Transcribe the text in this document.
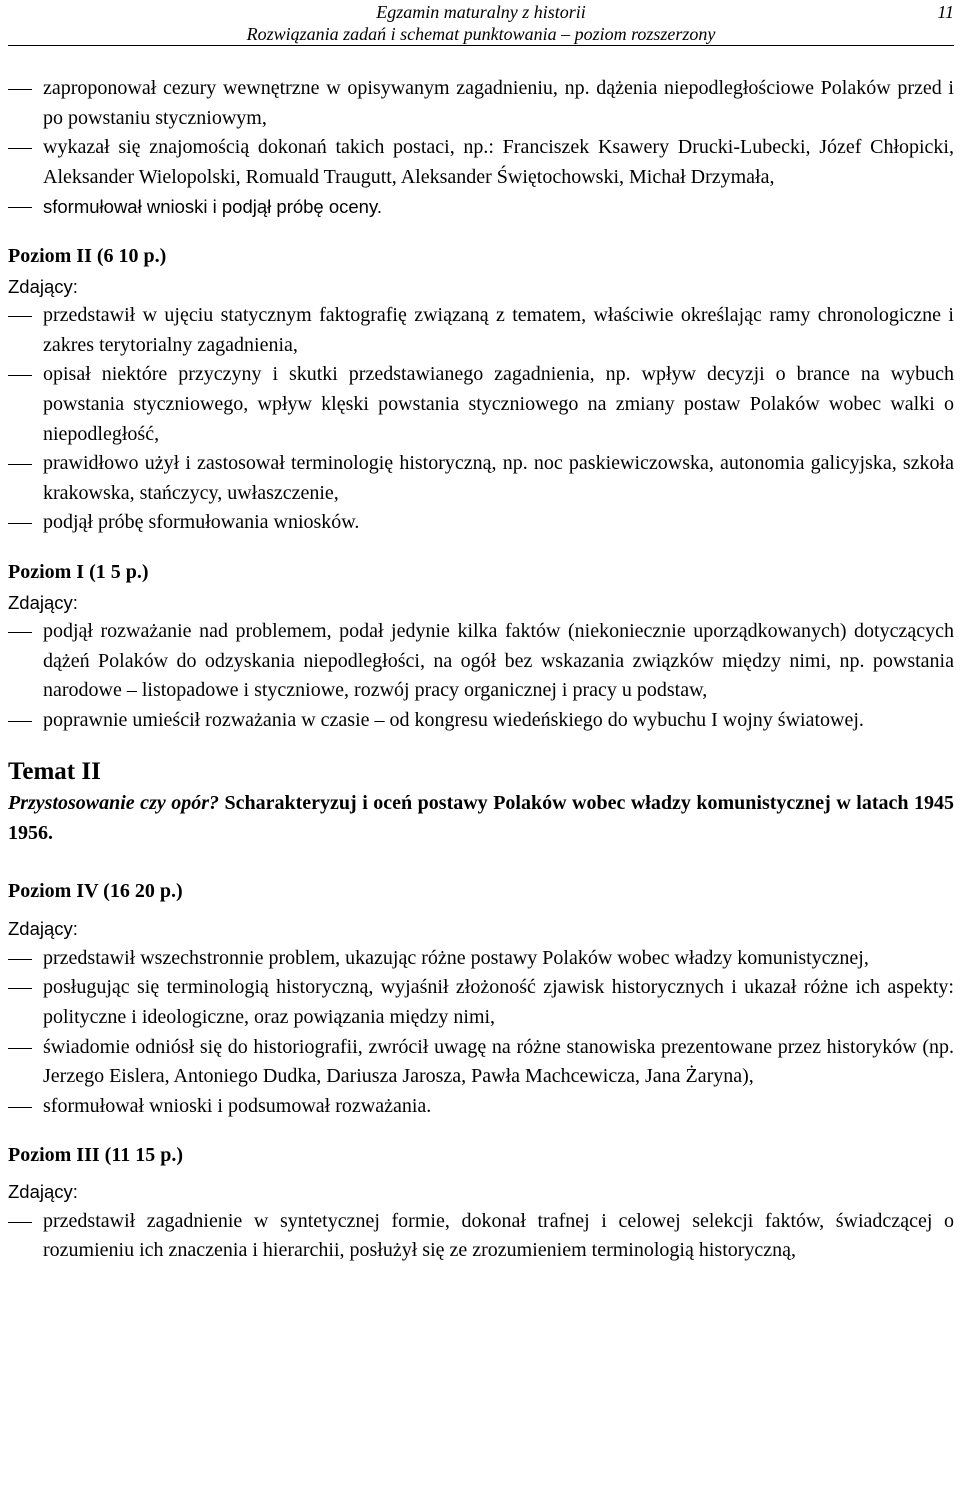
Egzamin maturalny z historii
Rozwiązania zadań i schemat punktowania – poziom rozszerzony
11
zaproponował cezury wewnętrzne w opisywanym zagadnieniu, np. dążenia niepodległościowe Polaków przed i po powstaniu styczniowym,
wykazał się znajomością dokonań takich postaci, np.: Franciszek Ksawery Drucki-Lubecki, Józef Chłopicki, Aleksander Wielopolski, Romuald Traugutt, Aleksander Świętochowski, Michał Drzymała,
sformułował wnioski i podjął próbę oceny.

Poziom II (6 10 p.)

Zdający:

przedstawił w ujęciu statycznym faktografię związaną z tematem, właściwie określając ramy chronologiczne i zakres terytorialny zagadnienia,
opisał niektóre przyczyny i skutki przedstawianego zagadnienia, np. wpływ decyzji o brance na wybuch powstania styczniowego, wpływ klęski powstania styczniowego na zmiany postaw Polaków wobec walki o niepodległość,
prawidłowo użył i zastosował terminologię historyczną, np. noc paskiewiczowska, autonomia galicyjska, szkoła krakowska, stańczycy, uwłaszczenie,
podjął próbę sformułowania wniosków.

Poziom I (1 5 p.)

Zdający:

podjął rozważanie nad problemem, podał jedynie kilka faktów (niekoniecznie uporządkowanych) dotyczących dążeń Polaków do odzyskania niepodległości, na ogół bez wskazania związków między nimi, np. powstania narodowe – listopadowe i styczniowe, rozwój pracy organicznej i pracy u podstaw,
poprawnie umieścił rozważania w czasie – od kongresu wiedeńskiego do wybuchu I wojny światowej.

Temat II

Przystosowanie czy opór? Scharakteryzuj i oceń postawy Polaków wobec władzy komunistycznej w latach 1945 1956.

Poziom IV (16 20 p.)

Zdający:

przedstawił wszechstronnie problem, ukazując różne postawy Polaków wobec władzy komunistycznej,
posługując się terminologią historyczną, wyjaśnił złożoność zjawisk historycznych i ukazał różne ich aspekty: polityczne i ideologiczne, oraz powiązania między nimi,
świadomie odniósł się do historiografii, zwrócił uwagę na różne stanowiska prezentowane przez historyków (np. Jerzego Eislera, Antoniego Dudka, Dariusza Jarosza, Pawła Machcewicza, Jana Żaryna),
sformułował wnioski i podsumował rozważania.

Poziom III (11 15 p.)

Zdający:

przedstawił zagadnienie w syntetycznej formie, dokonał trafnej i celowej selekcji faktów, świadczącej o rozumieniu ich znaczenia i hierarchii, posłużył się ze zrozumieniem terminologią historyczną,
